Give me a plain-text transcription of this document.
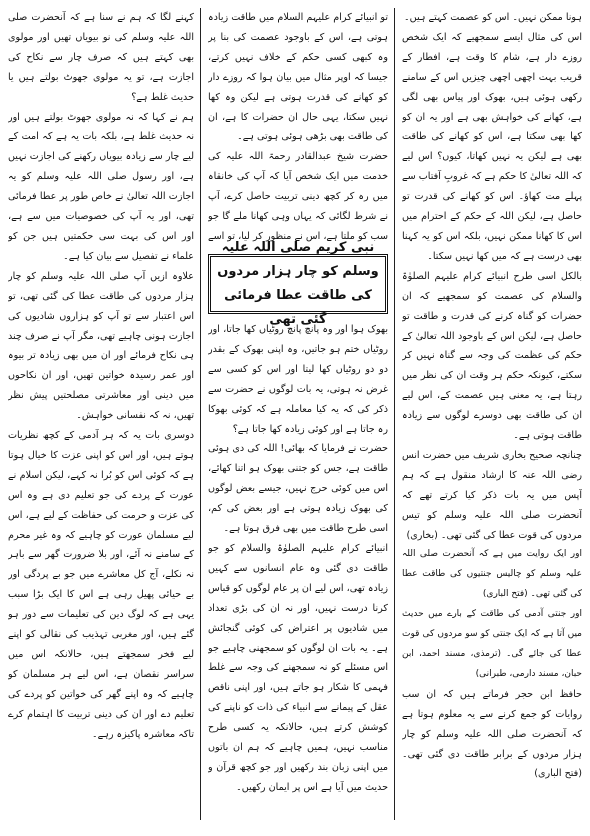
ہونا ممکن نہیں۔ اس کو عصمت کہتے ہیں۔

اس کی مثال ایسے سمجھیے کہ ایک شخص روزے دار ہے، شام کا وقت ہے، افطار کے قریب بہت اچھی اچھی چیزیں اس کے سامنے رکھی ہوئی ہیں، بھوک اور پیاس بھی لگی ہے، کھانے کی خواہش بھی ہے اور یہ ان کو کھا بھی سکتا ہے، اس کو کھانے کی طاقت بھی ہے لیکن یہ نہیں کھاتا، کیوں؟ اس لیے کہ اللہ تعالیٰ کا حکم ہے کہ غروبِ آفتاب سے پہلے مت کھاؤ۔ اس کو کھانے کی قدرت تو حاصل ہے، لیکن اللہ کے حکم کے احترام میں اس کا کھانا ممکن نہیں، بلکہ اس کو یہ کہنا بھی درست ہے کہ میں کھا نہیں سکتا۔

بالکل اسی طرح انبیائے کرام علیہم الصلوٰۃ والسلام کی عصمت کو سمجھیے کہ ان حضرات کو گناہ کرنے کی قدرت و طاقت تو حاصل ہے، لیکن اس کے باوجود اللہ تعالیٰ کے حکم کی عظمت کی وجہ سے گناہ نہیں کر سکتے، کیونکہ حکم ہر وقت ان کی نظر میں رہتا ہے، یہ معنی ہیں عصمت کے، اس لیے ان کی طاقت بھی دوسرے لوگوں سے زیادہ طاقت ہوتی ہے۔

چنانچہ صحیح بخاری شریف میں حضرت انس رضی اللہ عنہ کا ارشاد منقول ہے کہ ہم آپس میں یہ بات ذکر کیا کرتے تھے کہ آنحضرت صلی اللہ علیہ وسلم کو تیس مردوں کی قوت عطا کی گئی تھی۔ (بخاری)

اور ایک روایت میں ہے کہ آنحضرت صلی اللہ علیہ وسلم کو چالیس جنتیوں کی طاقت عطا کی گئی تھی۔ (فتح الباری)

اور جنتی آدمی کی طاقت کے بارے میں حدیث میں آتا ہے کہ ایک جنتی کو سو مردوں کی قوت عطا کی جائے گی۔ (ترمذی، مسند احمد، ابن حبان، مسند دارمی، طبرانی)

حافظ ابن حجر فرماتے ہیں کہ ان سب روایات کو جمع کرنے سے یہ معلوم ہوتا ہے کہ آنحضرت صلی اللہ علیہ وسلم کو چار ہزار مردوں کے برابر طاقت دی گئی تھی۔ (فتح الباری)

تو انبیائے کرام علیہم السلام میں طاقت زیادہ ہوتی ہے، اس کے باوجود عصمت کی بنا پر وہ کبھی کسی حکم کے خلاف نہیں کرتے، جیسا کہ اوپر مثال میں بیان ہوا کہ روزے دار کو کھانے کی قدرت ہوتی ہے لیکن وہ کھا نہیں سکتا، یہی حال ان حضرات کا ہے، ان کی طاقت بھی بڑھی ہوئی ہوتی ہے۔

حضرت شیخ عبدالقادر رحمۃ اللہ علیہ کی خدمت میں ایک شخص آیا کہ آپ کی خانقاہ میں رہ کر کچھ دینی تربیت حاصل کرے، آپ نے شرط لگائی کہ یہاں وہی کھانا ملے گا جو سب کو ملتا ہے، اس نے منظور کر لیا، تو اسے

بھوک ہوا اور وہ پانچ پانچ روٹیاں کھا جاتا، اور روٹیاں ختم ہو جاتیں، وہ اپنی بھوک کے بقدر دو دو روٹیاں کھا لیتا اور اس کو کسی سے غرض نہ ہوتی، یہ بات لوگوں نے حضرت سے ذکر کی کہ یہ کیا معاملہ ہے کہ کوئی بھوکا رہ جاتا ہے اور کوئی زیادہ کھا جاتا ہے؟

حضرت نے فرمایا کہ بھائی! اللہ کی دی ہوئی طاقت ہے، جس کو جتنی بھوک ہو اتنا کھائے، اس میں کوئی حرج نہیں، جیسے بعض لوگوں کی بھوک زیادہ ہوتی ہے اور بعض کی کم، اسی طرح طاقت میں بھی فرق ہوتا ہے۔

انبیائے کرام علیہم الصلوٰۃ والسلام کو جو طاقت دی گئی وہ عام انسانوں سے کہیں زیادہ تھی، اس لیے ان پر عام لوگوں کو قیاس کرنا درست نہیں، اور نہ ان کی بڑی تعداد میں شادیوں پر اعتراض کی کوئی گنجائش ہے۔ یہ بات ان لوگوں کو سمجھنی چاہیے جو اس مسئلے کو نہ سمجھنے کی وجہ سے غلط فہمی کا شکار ہو جاتے ہیں، اور اپنی ناقص عقل کے پیمانے سے انبیاء کی ذات کو ناپنے کی کوشش کرتے ہیں، حالانکہ یہ کسی طرح مناسب نہیں، ہمیں چاہیے کہ ہم ان باتوں میں اپنی زبان بند رکھیں اور جو کچھ قرآن و حدیث میں آیا ہے اس پر ایمان رکھیں۔

نبی کریم صلی اللہ علیہ وسلم کو چار ہزار مردوں کی طاقت عطا فرمائی گئی تھی

کہنے لگا کہ ہم نے سنا ہے کہ آنحضرت صلی اللہ علیہ وسلم کی نو بیویاں تھیں اور مولوی بھی کہتے ہیں کہ صرف چار سے نکاح کی اجازت ہے، تو یہ مولوی جھوٹ بولتے ہیں یا حدیث غلط ہے؟

ہم نے کہا کہ نہ مولوی جھوٹ بولتے ہیں اور نہ حدیث غلط ہے، بلکہ بات یہ ہے کہ امت کے لیے چار سے زیادہ بیویاں رکھنے کی اجازت نہیں ہے، اور رسول صلی اللہ علیہ وسلم کو یہ اجازت اللہ تعالیٰ نے خاص طور پر عطا فرمائی تھی، اور یہ آپ کی خصوصیات میں سے ہے، اور اس کی بہت سی حکمتیں ہیں جن کو علماء نے تفصیل سے بیان کیا ہے۔

علاوہ ازیں آپ صلی اللہ علیہ وسلم کو چار ہزار مردوں کی طاقت عطا کی گئی تھی، تو اس اعتبار سے تو آپ کو ہزاروں شادیوں کی اجازت ہونی چاہیے تھی، مگر آپ نے صرف چند ہی نکاح فرمائے اور ان میں بھی زیادہ تر بیوہ اور عمر رسیدہ خواتین تھیں، اور ان نکاحوں میں دینی اور معاشرتی مصلحتیں پیش نظر تھیں، نہ کہ نفسانی خواہش۔

دوسری بات یہ کہ ہر آدمی کے کچھ نظریات ہوتے ہیں، اور اس کو اپنی عزت کا خیال ہوتا ہے کہ کوئی اس کو بُرا نہ کہے، لیکن اسلام نے عورت کے پردے کی جو تعلیم دی ہے وہ اس کی عزت و حرمت کی حفاظت کے لیے ہے، اس لیے مسلمان عورت کو چاہیے کہ وہ غیر محرم کے سامنے نہ آئے، اور بلا ضرورت گھر سے باہر نہ نکلے، آج کل معاشرے میں جو بے پردگی اور بے حیائی پھیل رہی ہے اس کا ایک بڑا سبب یہی ہے کہ لوگ دین کی تعلیمات سے دور ہو گئے ہیں، اور مغربی تہذیب کی نقالی کو اپنے لیے فخر سمجھتے ہیں، حالانکہ اس میں سراسر نقصان ہے، اس لیے ہر مسلمان کو چاہیے کہ وہ اپنے گھر کی خواتین کو پردے کی تعلیم دے اور ان کی دینی تربیت کا اہتمام کرے تاکہ معاشرہ پاکیزہ رہے۔
